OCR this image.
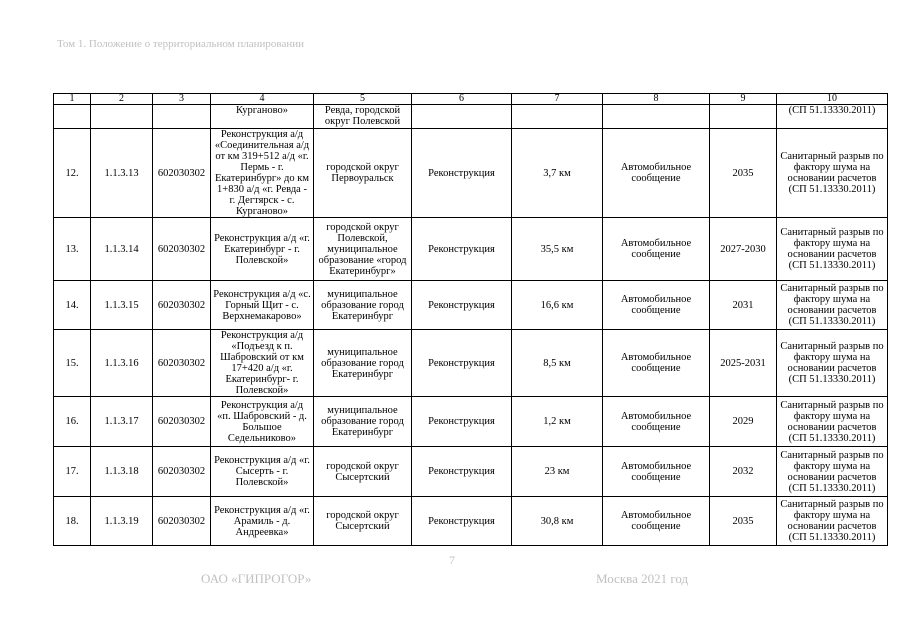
Том 1. Положение о территориальном планировании
1	2	3	4	5	6	7	8	9	10
			Курганово»	Ревда, городской округ Полевской					(СП 51.13330.2011)
12.	1.1.3.13	602030302	Реконструкция а/д «Соединительная а/д от км 319+512 а/д «г. Пермь - г. Екатеринбург» до км 1+830 а/д «г. Ревда - г. Дегтярск - с. Курганово»	городской округ Первоуральск	Реконструкция	3,7 км	Автомобильное сообщение	2035	Санитарный разрыв по фактору шума на основании расчетов (СП 51.13330.2011)
13.	1.1.3.14	602030302	Реконструкция а/д «г. Екатеринбург - г. Полевской»	городской округ Полевской, муниципальное образование «город Екатеринбург»	Реконструкция	35,5 км	Автомобильное сообщение	2027-2030	Санитарный разрыв по фактору шума на основании расчетов (СП 51.13330.2011)
14.	1.1.3.15	602030302	Реконструкция а/д «с. Горный Щит - с. Верхнемакарово»	муниципальное образование город Екатеринбург	Реконструкция	16,6 км	Автомобильное сообщение	2031	Санитарный разрыв по фактору шума на основании расчетов (СП 51.13330.2011)
15.	1.1.3.16	602030302	Реконструкция а/д «Подъезд к п. Шабровский от км 17+420 а/д «г. Екатеринбург- г. Полевской»	муниципальное образование город Екатеринбург	Реконструкция	8,5 км	Автомобильное сообщение	2025-2031	Санитарный разрыв по фактору шума на основании расчетов (СП 51.13330.2011)
16.	1.1.3.17	602030302	Реконструкция а/д «п. Шабровский - д. Большое Седельниково»	муниципальное образование город Екатеринбург	Реконструкция	1,2 км	Автомобильное сообщение	2029	Санитарный разрыв по фактору шума на основании расчетов (СП 51.13330.2011)
17.	1.1.3.18	602030302	Реконструкция а/д «г. Сысерть - г. Полевской»	городской округ Сысертский	Реконструкция	23 км	Автомобильное сообщение	2032	Санитарный разрыв по фактору шума на основании расчетов (СП 51.13330.2011)
18.	1.1.3.19	602030302	Реконструкция а/д «г. Арамиль - д. Андреевка»	городской округ Сысертский	Реконструкция	30,8 км	Автомобильное сообщение	2035	Санитарный разрыв по фактору шума на основании расчетов (СП 51.13330.2011)
7
ОАО «ГИПРОГОР»	Москва 2021 год
